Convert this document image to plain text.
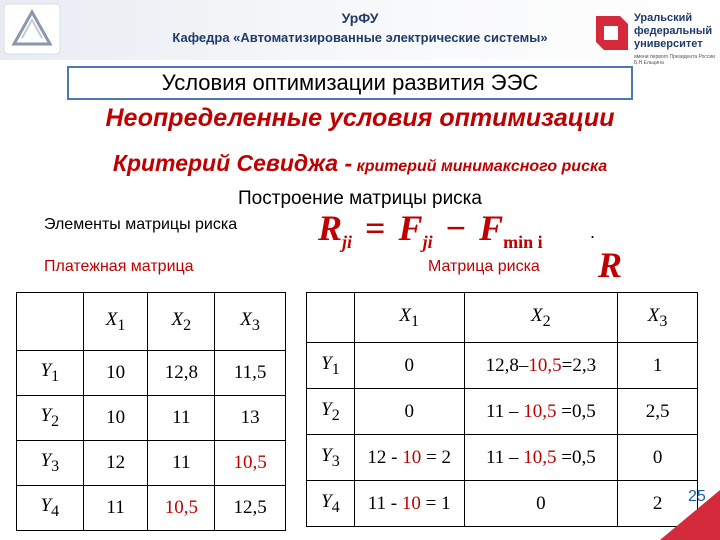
УрФУ
Кафедра «Автоматизированные электрические системы»
Уральский
федеральный
университет
имени первого Президента России Б.Н.Ельцина
Условия оптимизации развития ЭЭС
Неопределенные условия оптимизации
Критерий Севиджа - критерий минимаксного риска
Построение матрицы риска
Элементы матрицы риска $R_{ji} = F_{ji} - F_{min i}$
.
Платежная матрица	Матрица риска R
	$X_1$	$X_2$	$X_3$
$Y_1$	10	12,8	11,5
$Y_2$	10	11	13
$Y_3$	12	11	10,5
$Y_4$	11	10,5	12,5
	$X_1$	$X_2$	$X_3$
$Y_1$	0	12,8–10,5=2,3	1
$Y_2$	0	11 – 10,5 =0,5	2,5
$Y_3$	12 - 10 = 2	11 – 10,5 =0,5	0
$Y_4$	11 - 10 = 1	0	2 25
